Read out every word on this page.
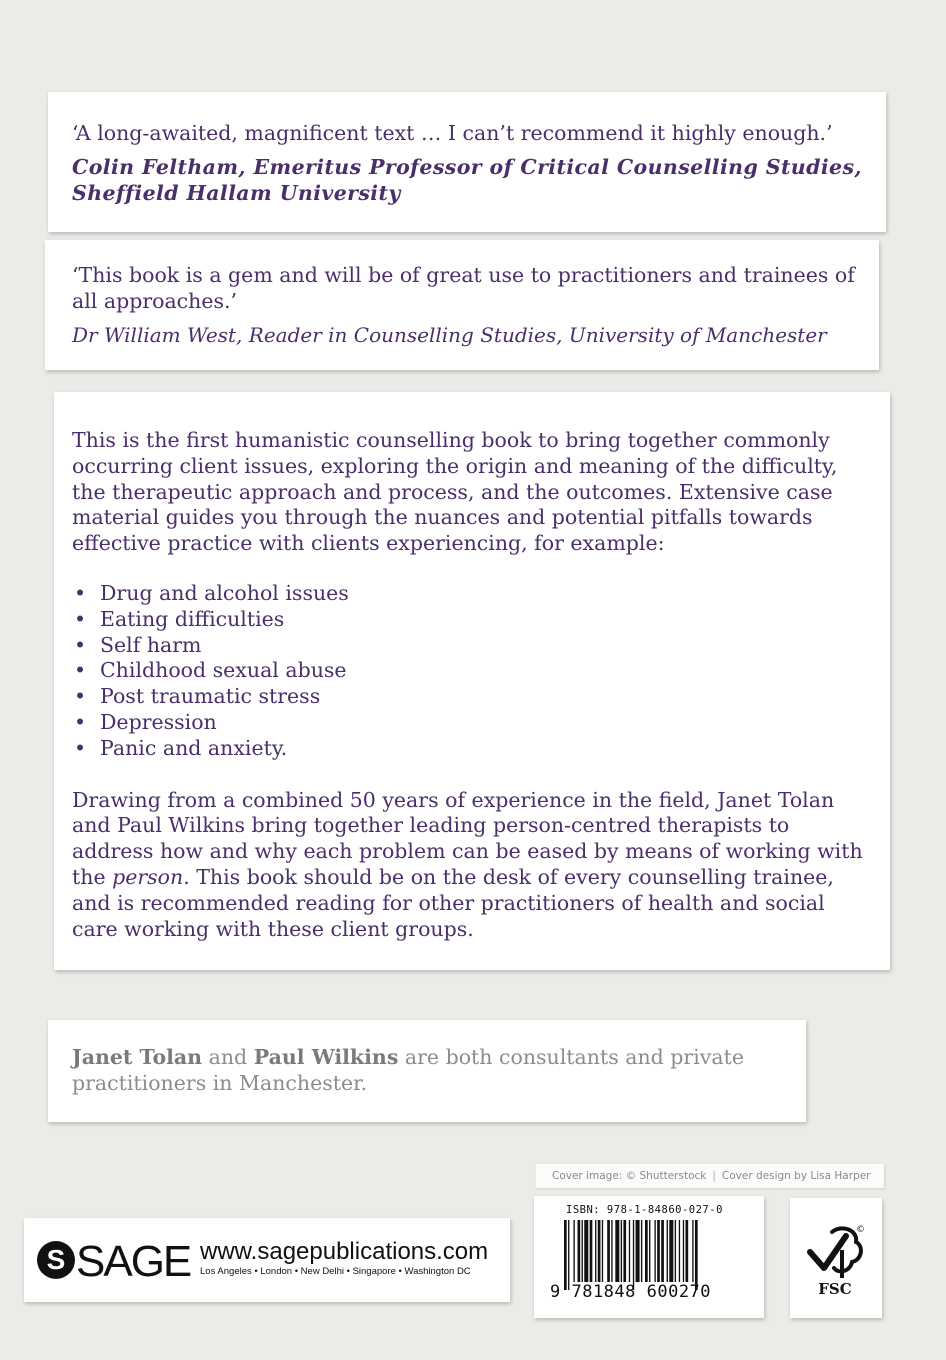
‘A long-awaited, magnificent text … I can’t recommend it highly enough.’

Colin Feltham, Emeritus Professor of Critical Counselling Studies,
Sheffield Hallam University

‘This book is a gem and will be of great use to practitioners and trainees of all approaches.’

Dr William West, Reader in Counselling Studies, University of Manchester

This is the first humanistic counselling book to bring together commonly occurring client issues, exploring the origin and meaning of the difficulty, the therapeutic approach and process, and the outcomes. Extensive case material guides you through the nuances and potential pitfalls towards effective practice with clients experiencing, for example:

• Drug and alcohol issues
• Eating difficulties
• Self harm
• Childhood sexual abuse
• Post traumatic stress
• Depression
• Panic and anxiety.

Drawing from a combined 50 years of experience in the field, Janet Tolan and Paul Wilkins bring together leading person-centred therapists to address how and why each problem can be eased by means of working with the person. This book should be on the desk of every counselling trainee, and is recommended reading for other practitioners of health and social care working with these client groups.

Janet Tolan and Paul Wilkins are both consultants and private practitioners in Manchester.
Cover image: © Shutterstock | Cover design by Lisa Harper
S SAGE www.sagepublications.com
Los Angeles • London • New Delhi • Singapore • Washington DC
ISBN: 978-1-84860-027-0
9 781848 600270
©
FSC
